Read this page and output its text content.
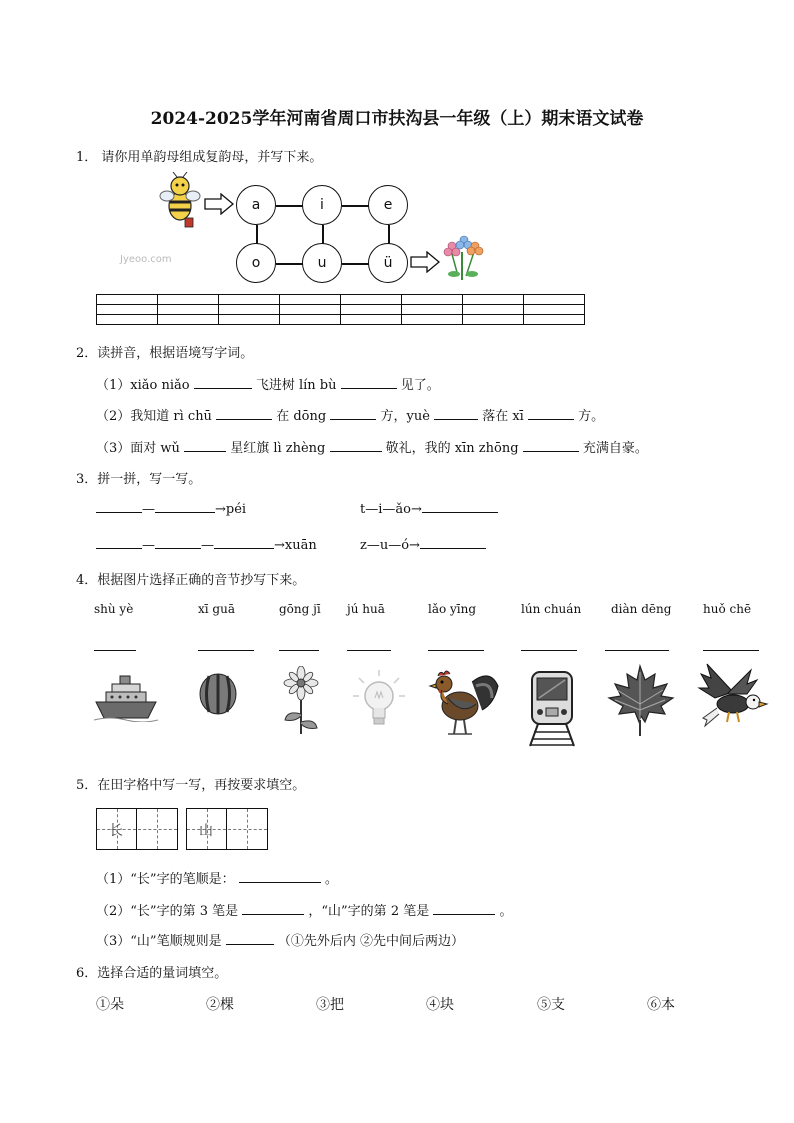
2024-2025学年河南省周口市扶沟县一年级（上）期末语文试卷
1． 请你用单韵母组成复韵母，并写下来。
a	i	e
o	u	ü
Jyeoo.com

2．读拼音，根据语境写字词。
（1）xiǎo niǎo	飞进树 lín bù	见了。
（2）我知道 rì chū	在 dōng	方，yuè	落在 xī	方。
（3）面对 wǔ	星红旗 lì zhèng	敬礼，我的 xīn zhōng	充满自豪。
3．拼一拼，写一写。
—	→péi	t—i—ǎo→
—	—	→xuān	z—u—ó→
4．根据图片选择正确的音节抄写下来。
shù yè	xī guā	gōng jī jú huā	lǎo yīng	lún chuán diàn dēng	huǒ chē
5．在田字格中写一写，再按要求填空。
长	山
（1）“长”字的笔顺是：	。
（2）“长”字的第 3 笔是	，“山”字的第 2 笔是	。
（3）“山”笔顺规则是	（①先外后内 ②先中间后两边）
6．选择合适的量词填空。
①朵	②棵	③把	④块	⑤支	⑥本
